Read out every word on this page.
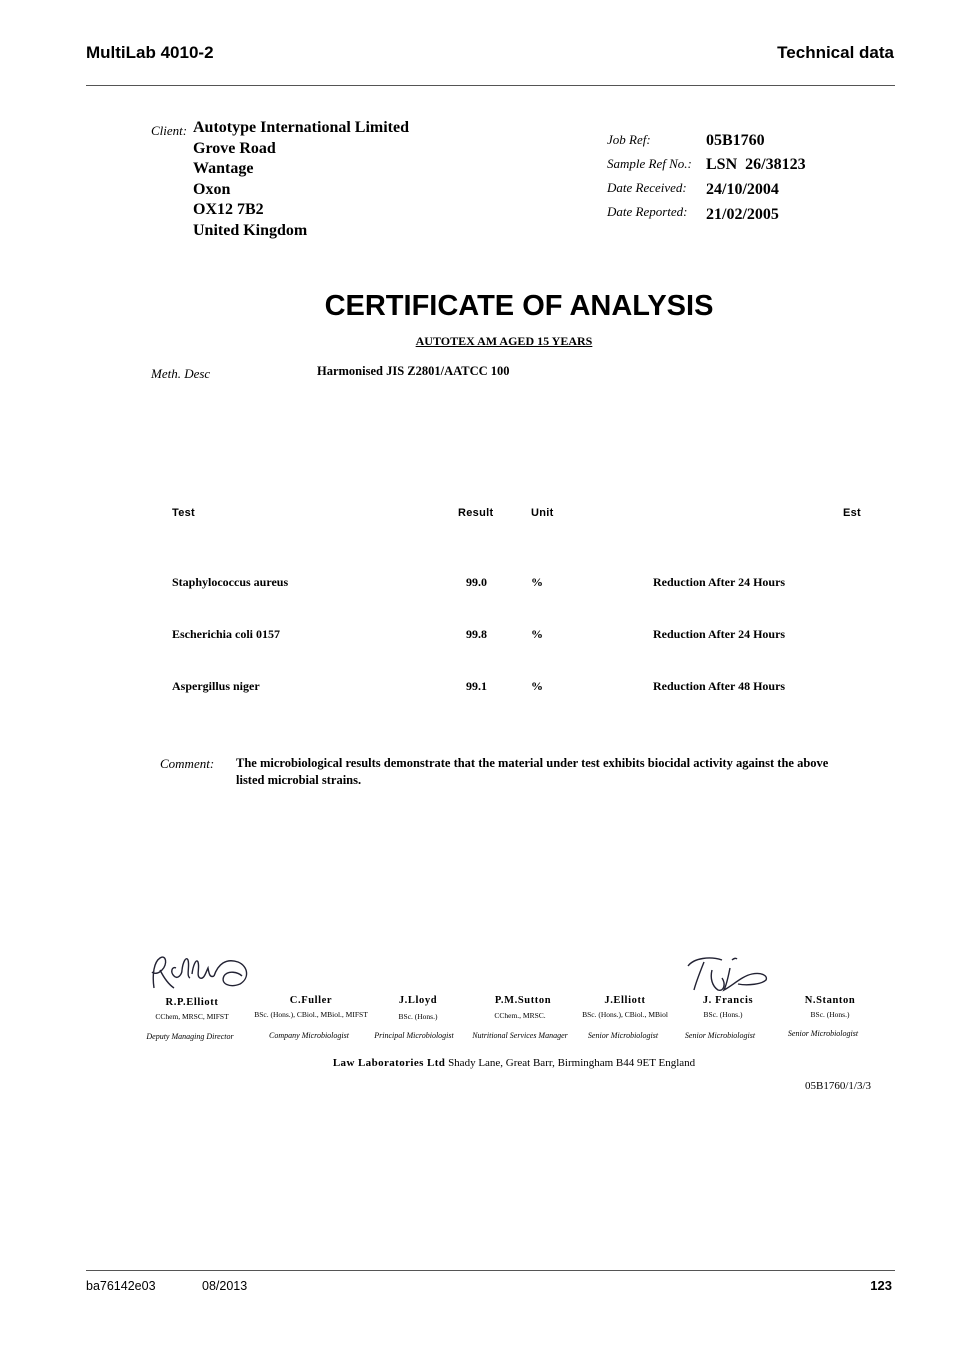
MultiLab 4010-2	Technical data
Client: Autotype International Limited
Grove Road
Wantage
Oxon
OX12 7B2
United Kingdom
Job Ref:	05B1760
Sample Ref No.: LSN  26/38123
Date Received: 24/10/2004
Date Reported: 21/02/2005
CERTIFICATE OF ANALYSIS
AUTOTEX AM AGED 15 YEARS
Meth. Desc	Harmonised JIS Z2801/AATCC 100
Test	Result	Unit	Est
Staphylococcus aureus	99.0	%	Reduction After 24 Hours
Escherichia coli 0157	99.8	%	Reduction After 24 Hours
Aspergillus niger	99.1	%	Reduction After 48 Hours
Comment: The microbiological results demonstrate that the material under test exhibits biocidal activity against the above listed microbial strains.
R.P.Elliott
CChem, MRSC, MIFST
Deputy Managing Director
C.Fuller
BSc. (Hons.), CBiol., MBiol., MIFST
Company Microbiologist
J.Lloyd
BSc. (Hons.)
Principal Microbiologist
P.M.Sutton
CChem., MRSC.
Nutritional Services Manager
J.Elliott
BSc. (Hons.), CBiol., MBiol
Senior Microbiologist
J. Francis
BSc. (Hons.)
Senior Microbiologist
N.Stanton
BSc. (Hons.)
Senior Microbiologist
Law Laboratories Ltd Shady Lane, Great Barr, Birmingham B44 9ET England
05B1760/1/3/3
ba76142e03	08/2013	123
